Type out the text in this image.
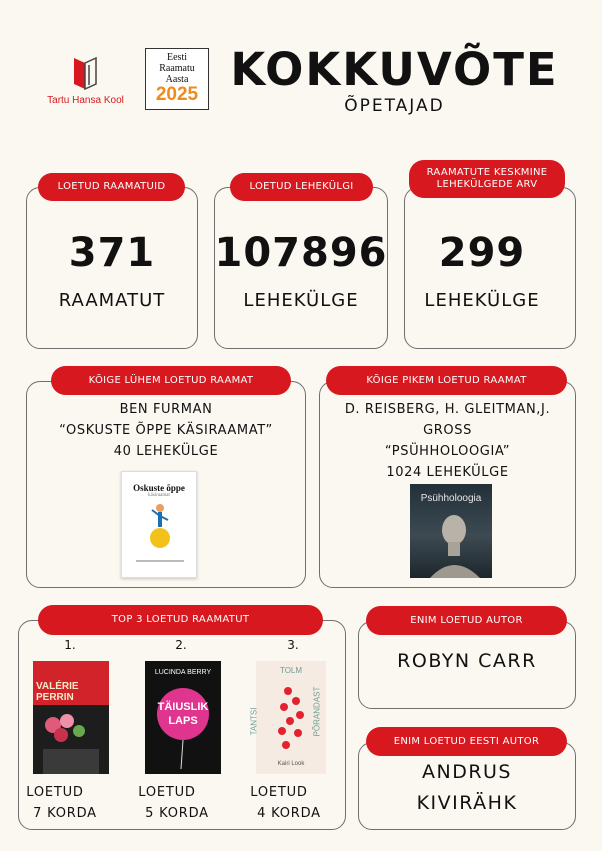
Tartu Hansa Kool
Eesti
Raamatu
Aasta
2025 KOKKUVÕTE
ÕPETAJAD
LOETUD RAAMATUID
371
RAAMATUT
LOETUD LEHEKÜLGI
107896
LEHEKÜLGE
RAAMATUTE KESKMINE LEHEKÜLGEDE ARV
299
LEHEKÜLGE
KÕIGE LÜHEM LOETUD RAAMAT
BEN FURMAN
“OSKUSTE ÕPPE KÄSIRAAMAT”
40 LEHEKÜLGE
Oskuste õppe
käsiraamat
KÕIGE PIKEM LOETUD RAAMAT
D. REISBERG, H. GLEITMAN,J.
GROSS
“PSÜHHOLOOGIA”
1024 LEHEKÜLGE
Psühholoogia
TOP 3 LOETUD RAAMATUT
1.
VALÉRIE PERRIN
LOETUD
7 KORDA
2.
LUCINDA BERRY
TÄIUSLIK
LAPS
LOETUD
5 KORDA
3.
TOLM
TANTSI	PÕRANDAST
Kairi Look
LOETUD
4 KORDA
ENIM LOETUD AUTOR
ROBYN CARR
ENIM LOETUD EESTI AUTOR
ANDRUS
KIVIRÄHK
